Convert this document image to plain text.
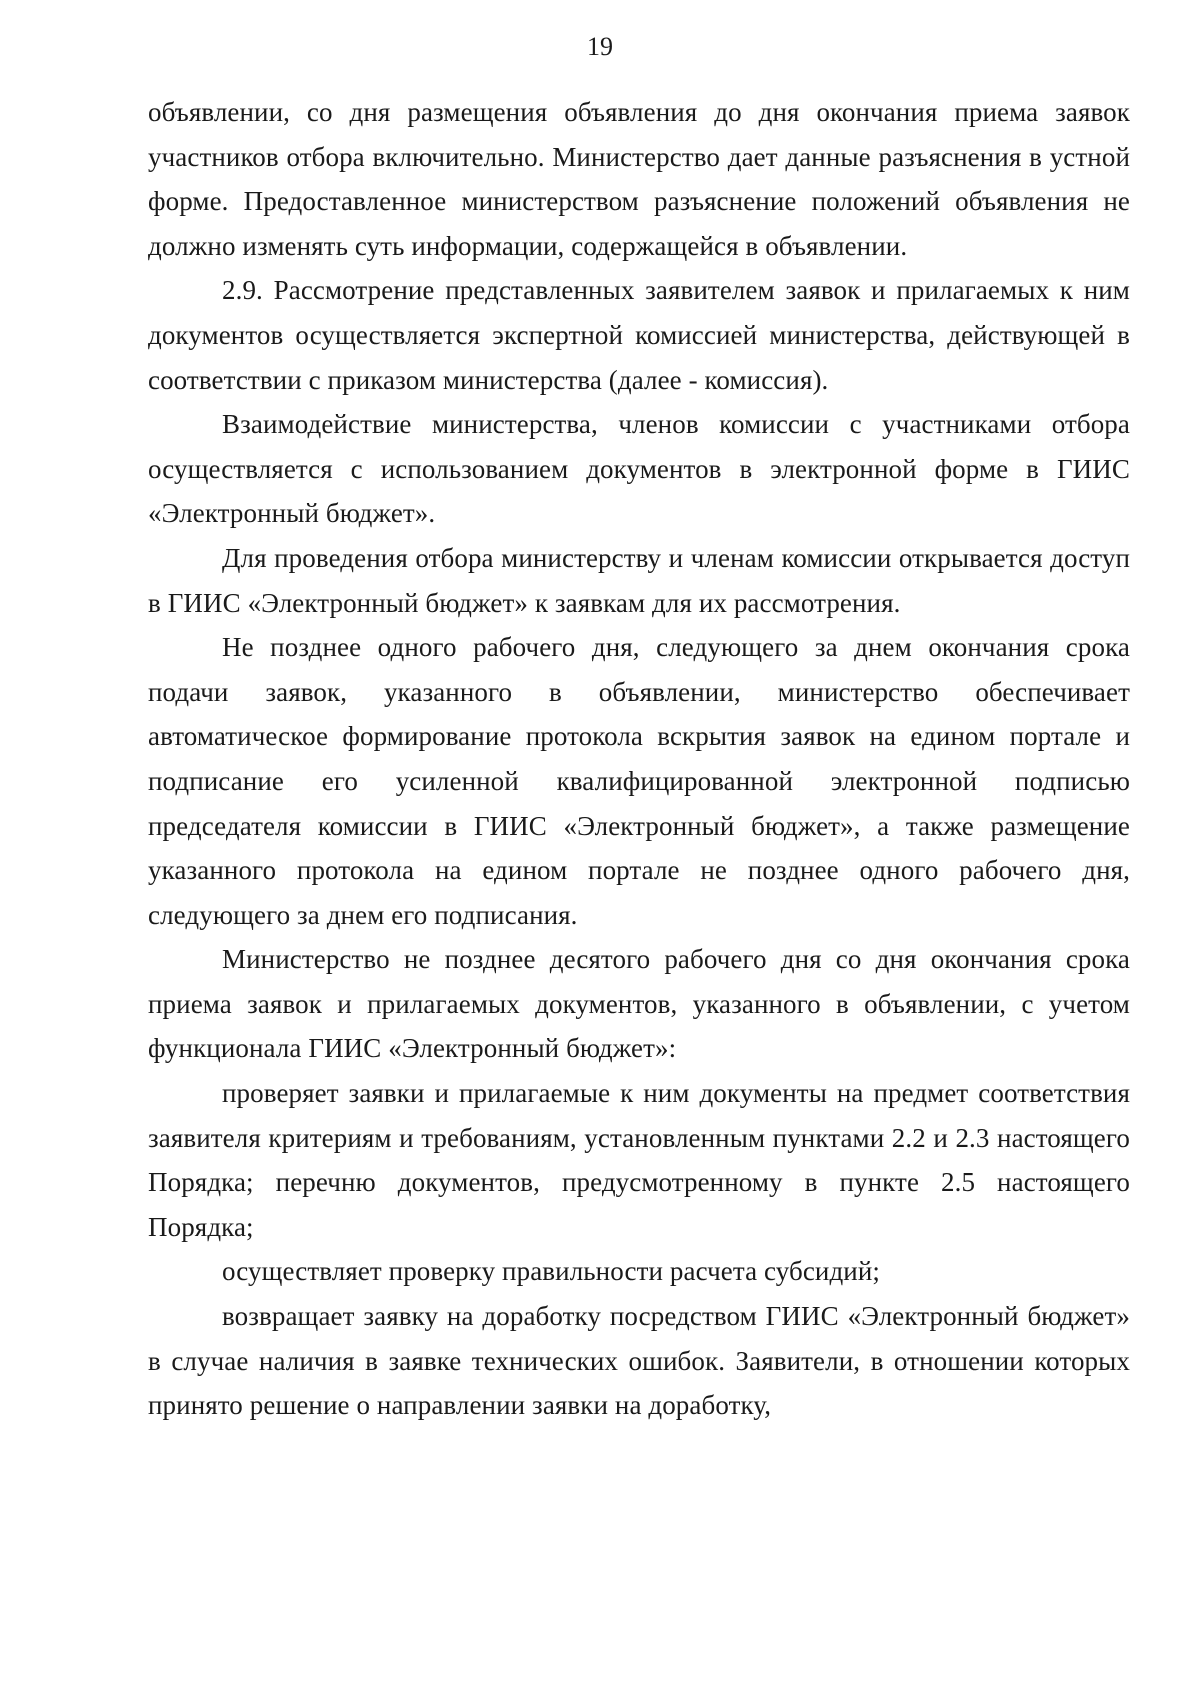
19

объявлении, со дня размещения объявления до дня окончания приема заявок участников отбора включительно. Министерство дает данные разъяснения в устной форме. Предоставленное министерством разъяснение положений объявления не должно изменять суть информации, содержащейся в объявлении.

2.9. Рассмотрение представленных заявителем заявок и прилагаемых к ним документов осуществляется экспертной комиссией министерства, действующей в соответствии с приказом министерства (далее - комиссия).

Взаимодействие министерства, членов комиссии с участниками отбора осуществляется с использованием документов в электронной форме в ГИИС «Электронный бюджет».

Для проведения отбора министерству и членам комиссии открывается доступ в ГИИС «Электронный бюджет» к заявкам для их рассмотрения.

Не позднее одного рабочего дня, следующего за днем окончания срока подачи заявок, указанного в объявлении, министерство обеспечивает автоматическое формирование протокола вскрытия заявок на едином портале и подписание его усиленной квалифицированной электронной подписью председателя комиссии в ГИИС «Электронный бюджет», а также размещение указанного протокола на едином портале не позднее одного рабочего дня, следующего за днем его подписания.

Министерство не позднее десятого рабочего дня со дня окончания срока приема заявок и прилагаемых документов, указанного в объявлении, с учетом функционала ГИИС «Электронный бюджет»:

проверяет заявки и прилагаемые к ним документы на предмет соответствия заявителя критериям и требованиям, установленным пунктами 2.2 и 2.3 настоящего Порядка; перечню документов, предусмотренному в пункте 2.5 настоящего Порядка;

осуществляет проверку правильности расчета субсидий;

возвращает заявку на доработку посредством ГИИС «Электронный бюджет» в случае наличия в заявке технических ошибок. Заявители, в отношении которых принято решение о направлении заявки на доработку,
